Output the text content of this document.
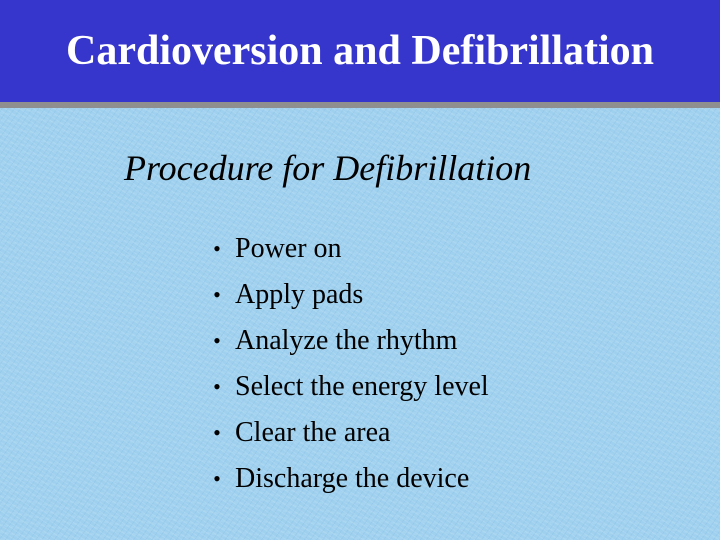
Cardioversion and Defibrillation
Procedure for Defibrillation
• Power on
• Apply pads
• Analyze the rhythm
• Select the energy level
• Clear the area
• Discharge the device
